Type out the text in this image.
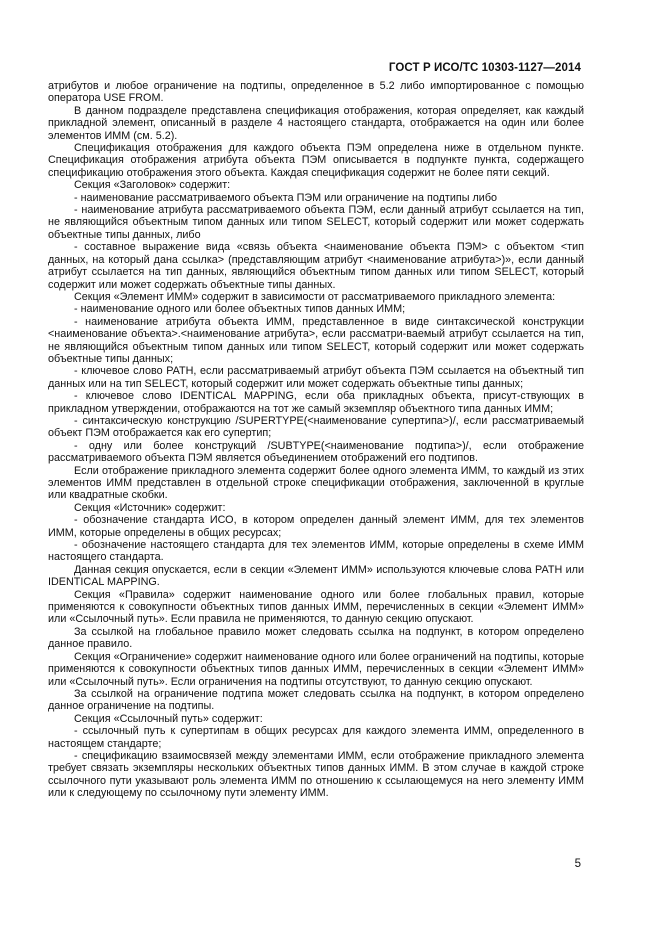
ГОСТ Р ИСО/ТС 10303-1127—2014

атрибутов и любое ограничение на подтипы, определенное в 5.2 либо импортированное с помощью оператора USE FROM.

В данном подразделе представлена спецификация отображения, которая определяет, как каждый прикладной элемент, описанный в разделе 4 настоящего стандарта, отображается на один или более элементов ИММ (см. 5.2).

Спецификация отображения для каждого объекта ПЭМ определена ниже в отдельном пункте. Спецификация отображения атрибута объекта ПЭМ описывается в подпункте пункта, содержащего спецификацию отображения этого объекта. Каждая спецификация содержит не более пяти секций.

Секция «Заголовок» содержит:

- наименование рассматриваемого объекта ПЭМ или ограничение на подтипы либо

- наименование атрибута рассматриваемого объекта ПЭМ, если данный атрибут ссылается на тип, не являющийся объектным типом данных или типом SELECT, который содержит или может содержать объектные типы данных, либо

- составное выражение вида «связь объекта <наименование объекта ПЭМ> с объектом <тип данных, на который дана ссылка> (представляющим атрибут <наименование атрибута>)», если данный атрибут ссылается на тип данных, являющийся объектным типом данных или типом SELECT, который содержит или может содержать объектные типы данных.

Секция «Элемент ИММ» содержит в зависимости от рассматриваемого прикладного элемента:

- наименование одного или более объектных типов данных ИММ;

- наименование атрибута объекта ИММ, представленное в виде синтаксической конструкции <наименование объекта>.<наименование атрибута>, если рассматри-ваемый атрибут ссылается на тип, не являющийся объектным типом данных или типом SELECT, который содержит или может содержать объектные типы данных;

- ключевое слово PATH, если рассматриваемый атрибут объекта ПЭМ ссылается на объектный тип данных или на тип SELECT, который содержит или может содержать объектные типы данных;

- ключевое слово IDENTICAL MAPPING, если оба прикладных объекта, присут-ствующих в прикладном утверждении, отображаются на тот же самый экземпляр объектного типа данных ИММ;

- синтаксическую конструкцию /SUPERTYPE(<наименование супертипа>)/, если рассматриваемый объект ПЭМ отображается как его супертип;

- одну или более конструкций /SUBTYPE(<наименование подтипа>)/, если отображение рассматриваемого объекта ПЭМ является объединением отображений его подтипов.

Если отображение прикладного элемента содержит более одного элемента ИММ, то каждый из этих элементов ИММ представлен в отдельной строке спецификации отображения, заключенной в круглые или квадратные скобки.

Секция «Источник» содержит:

- обозначение стандарта ИСО, в котором определен данный элемент ИММ, для тех элементов ИММ, которые определены в общих ресурсах;

- обозначение настоящего стандарта для тех элементов ИММ, которые определены в схеме ИММ настоящего стандарта.

Данная секция опускается, если в секции «Элемент ИММ» используются ключевые слова PATH или IDENTICAL MAPPING.

Секция «Правила» содержит наименование одного или более глобальных правил, которые применяются к совокупности объектных типов данных ИММ, перечисленных в секции «Элемент ИММ» или «Ссылочный путь». Если правила не применяются, то данную секцию опускают.

За ссылкой на глобальное правило может следовать ссылка на подпункт, в котором определено данное правило.

Секция «Ограничение» содержит наименование одного или более ограничений на подтипы, которые применяются к совокупности объектных типов данных ИММ, перечисленных в секции «Элемент ИММ» или «Ссылочный путь». Если ограничения на подтипы отсутствуют, то данную секцию опускают.

За ссылкой на ограничение подтипа может следовать ссылка на подпункт, в котором определено данное ограничение на подтипы.

Секция «Ссылочный путь» содержит:

- ссылочный путь к супертипам в общих ресурсах для каждого элемента ИММ, определенного в настоящем стандарте;

- спецификацию взаимосвязей между элементами ИММ, если отображение прикладного элемента требует связать экземпляры нескольких объектных типов данных ИММ. В этом случае в каждой строке ссылочного пути указывают роль элемента ИММ по отношению к ссылающемуся на него элементу ИММ или к следующему по ссылочному пути элементу ИММ.

5
